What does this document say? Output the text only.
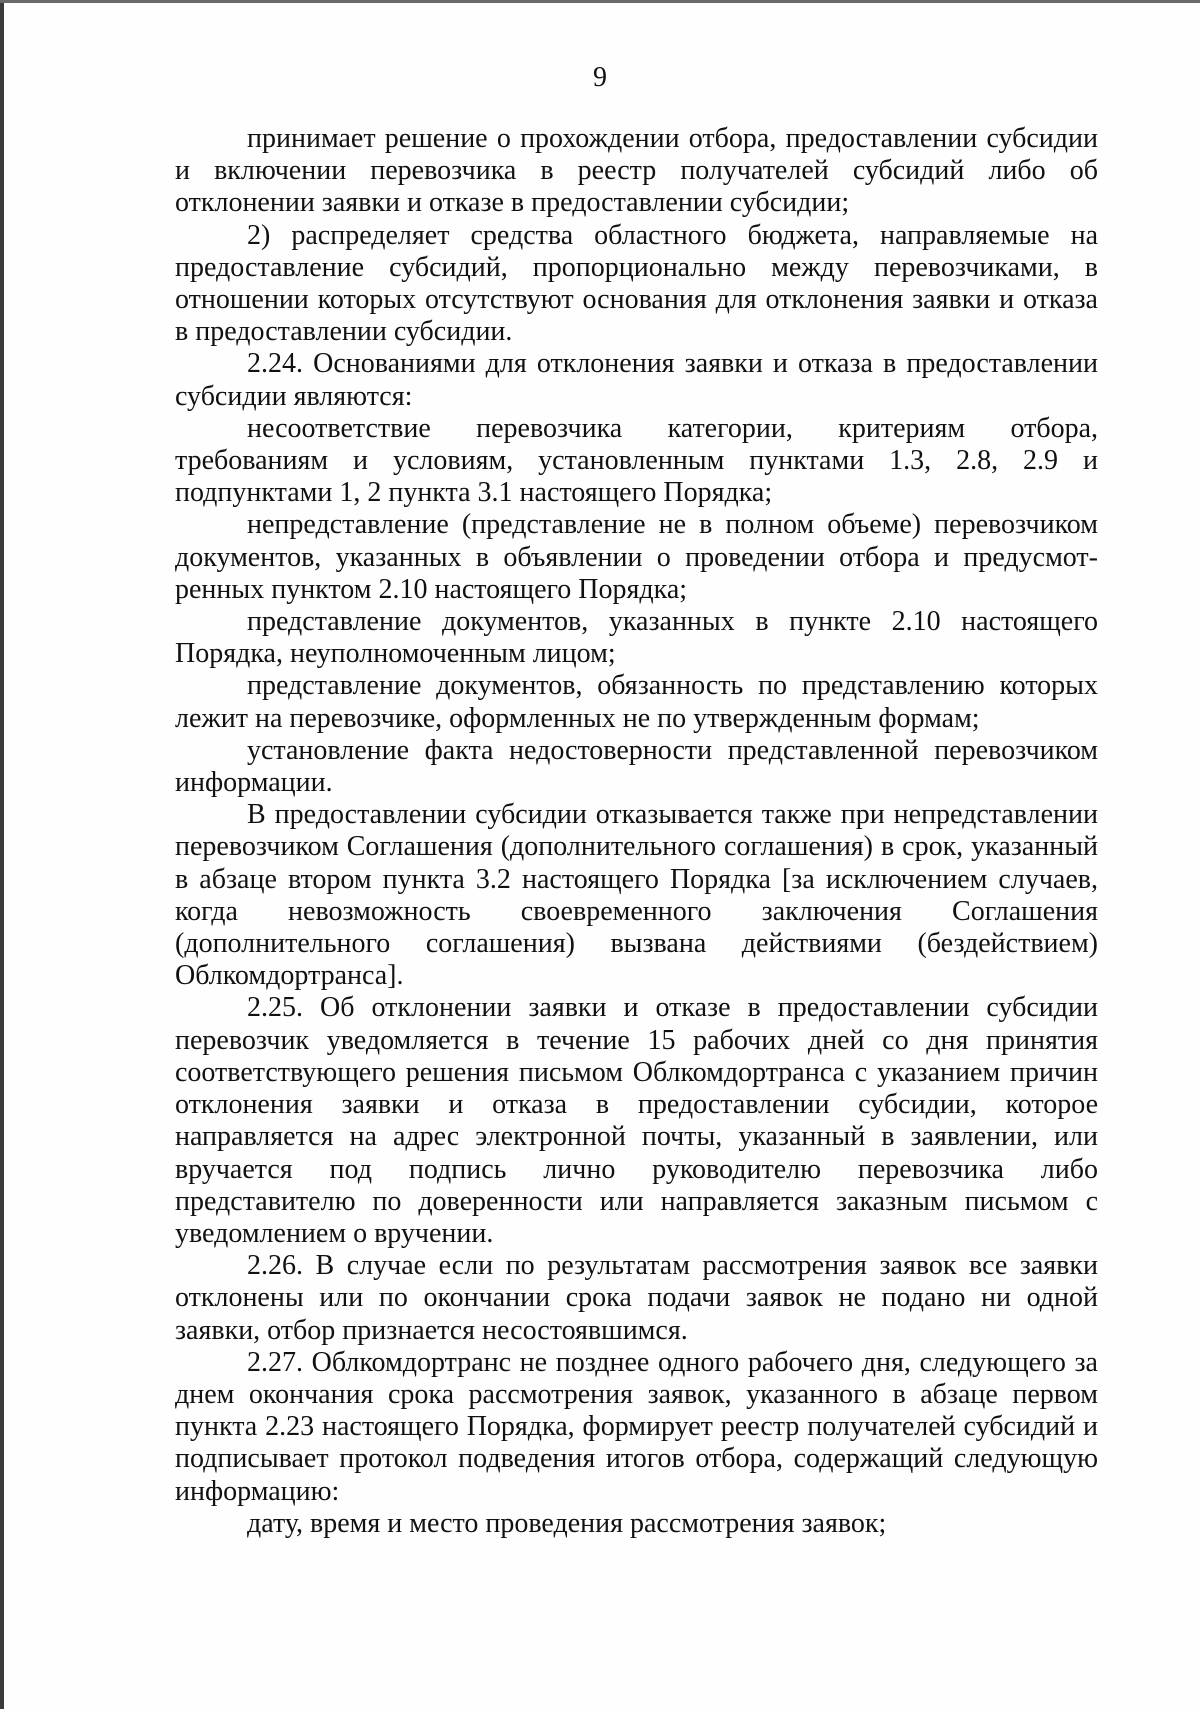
9

принимает решение о прохождении отбора, предоставлении субсидии и включении перевозчика в реестр получателей субсидий либо об отклонении заявки и отказе в предоставлении субсидии;

2) распределяет средства областного бюджета, направляемые на предоставление субсидий, пропорционально между перевозчиками, в отношении которых отсутствуют основания для отклонения заявки и отказа в предоставлении субсидии.

2.24. Основаниями для отклонения заявки и отказа в предоставлении субсидии являются:

несоответствие перевозчика категории, критериям отбора, требованиям и условиям, установленным пунктами 1.3, 2.8, 2.9 и подпунктами 1, 2 пункта 3.1 настоящего Порядка;

непредставление (представление не в полном объеме) перевозчиком документов, указанных в объявлении о проведении отбора и предусмотренных пунктом 2.10 настоящего Порядка;

представление документов, указанных в пункте 2.10 настоящего Порядка, неуполномоченным лицом;

представление документов, обязанность по представлению которых лежит на перевозчике, оформленных не по утвержденным формам;

установление факта недостоверности представленной перевозчиком информации.

В предоставлении субсидии отказывается также при непредставлении перевозчиком Соглашения (дополнительного соглашения) в срок, указанный в абзаце втором пункта 3.2 настоящего Порядка [за исключением случаев, когда невозможность своевременного заключения Соглашения (дополнительного соглашения) вызвана действиями (бездействием) Облкомдортранса].

2.25. Об отклонении заявки и отказе в предоставлении субсидии перевозчик уведомляется в течение 15 рабочих дней со дня принятия соответствующего решения письмом Облкомдортранса с указанием причин отклонения заявки и отказа в предоставлении субсидии, которое направляется на адрес электронной почты, указанный в заявлении, или вручается под подпись лично руководителю перевозчика либо представителю по доверенности или направляется заказным письмом с уведомлением о вручении.

2.26. В случае если по результатам рассмотрения заявок все заявки отклонены или по окончании срока подачи заявок не подано ни одной заявки, отбор признается несостоявшимся.

2.27. Облкомдортранс не позднее одного рабочего дня, следующего за днем окончания срока рассмотрения заявок, указанного в абзаце первом пункта 2.23 настоящего Порядка, формирует реестр получателей субсидий и подписывает протокол подведения итогов отбора, содержащий следующую информацию:

дату, время и место проведения рассмотрения заявок;
